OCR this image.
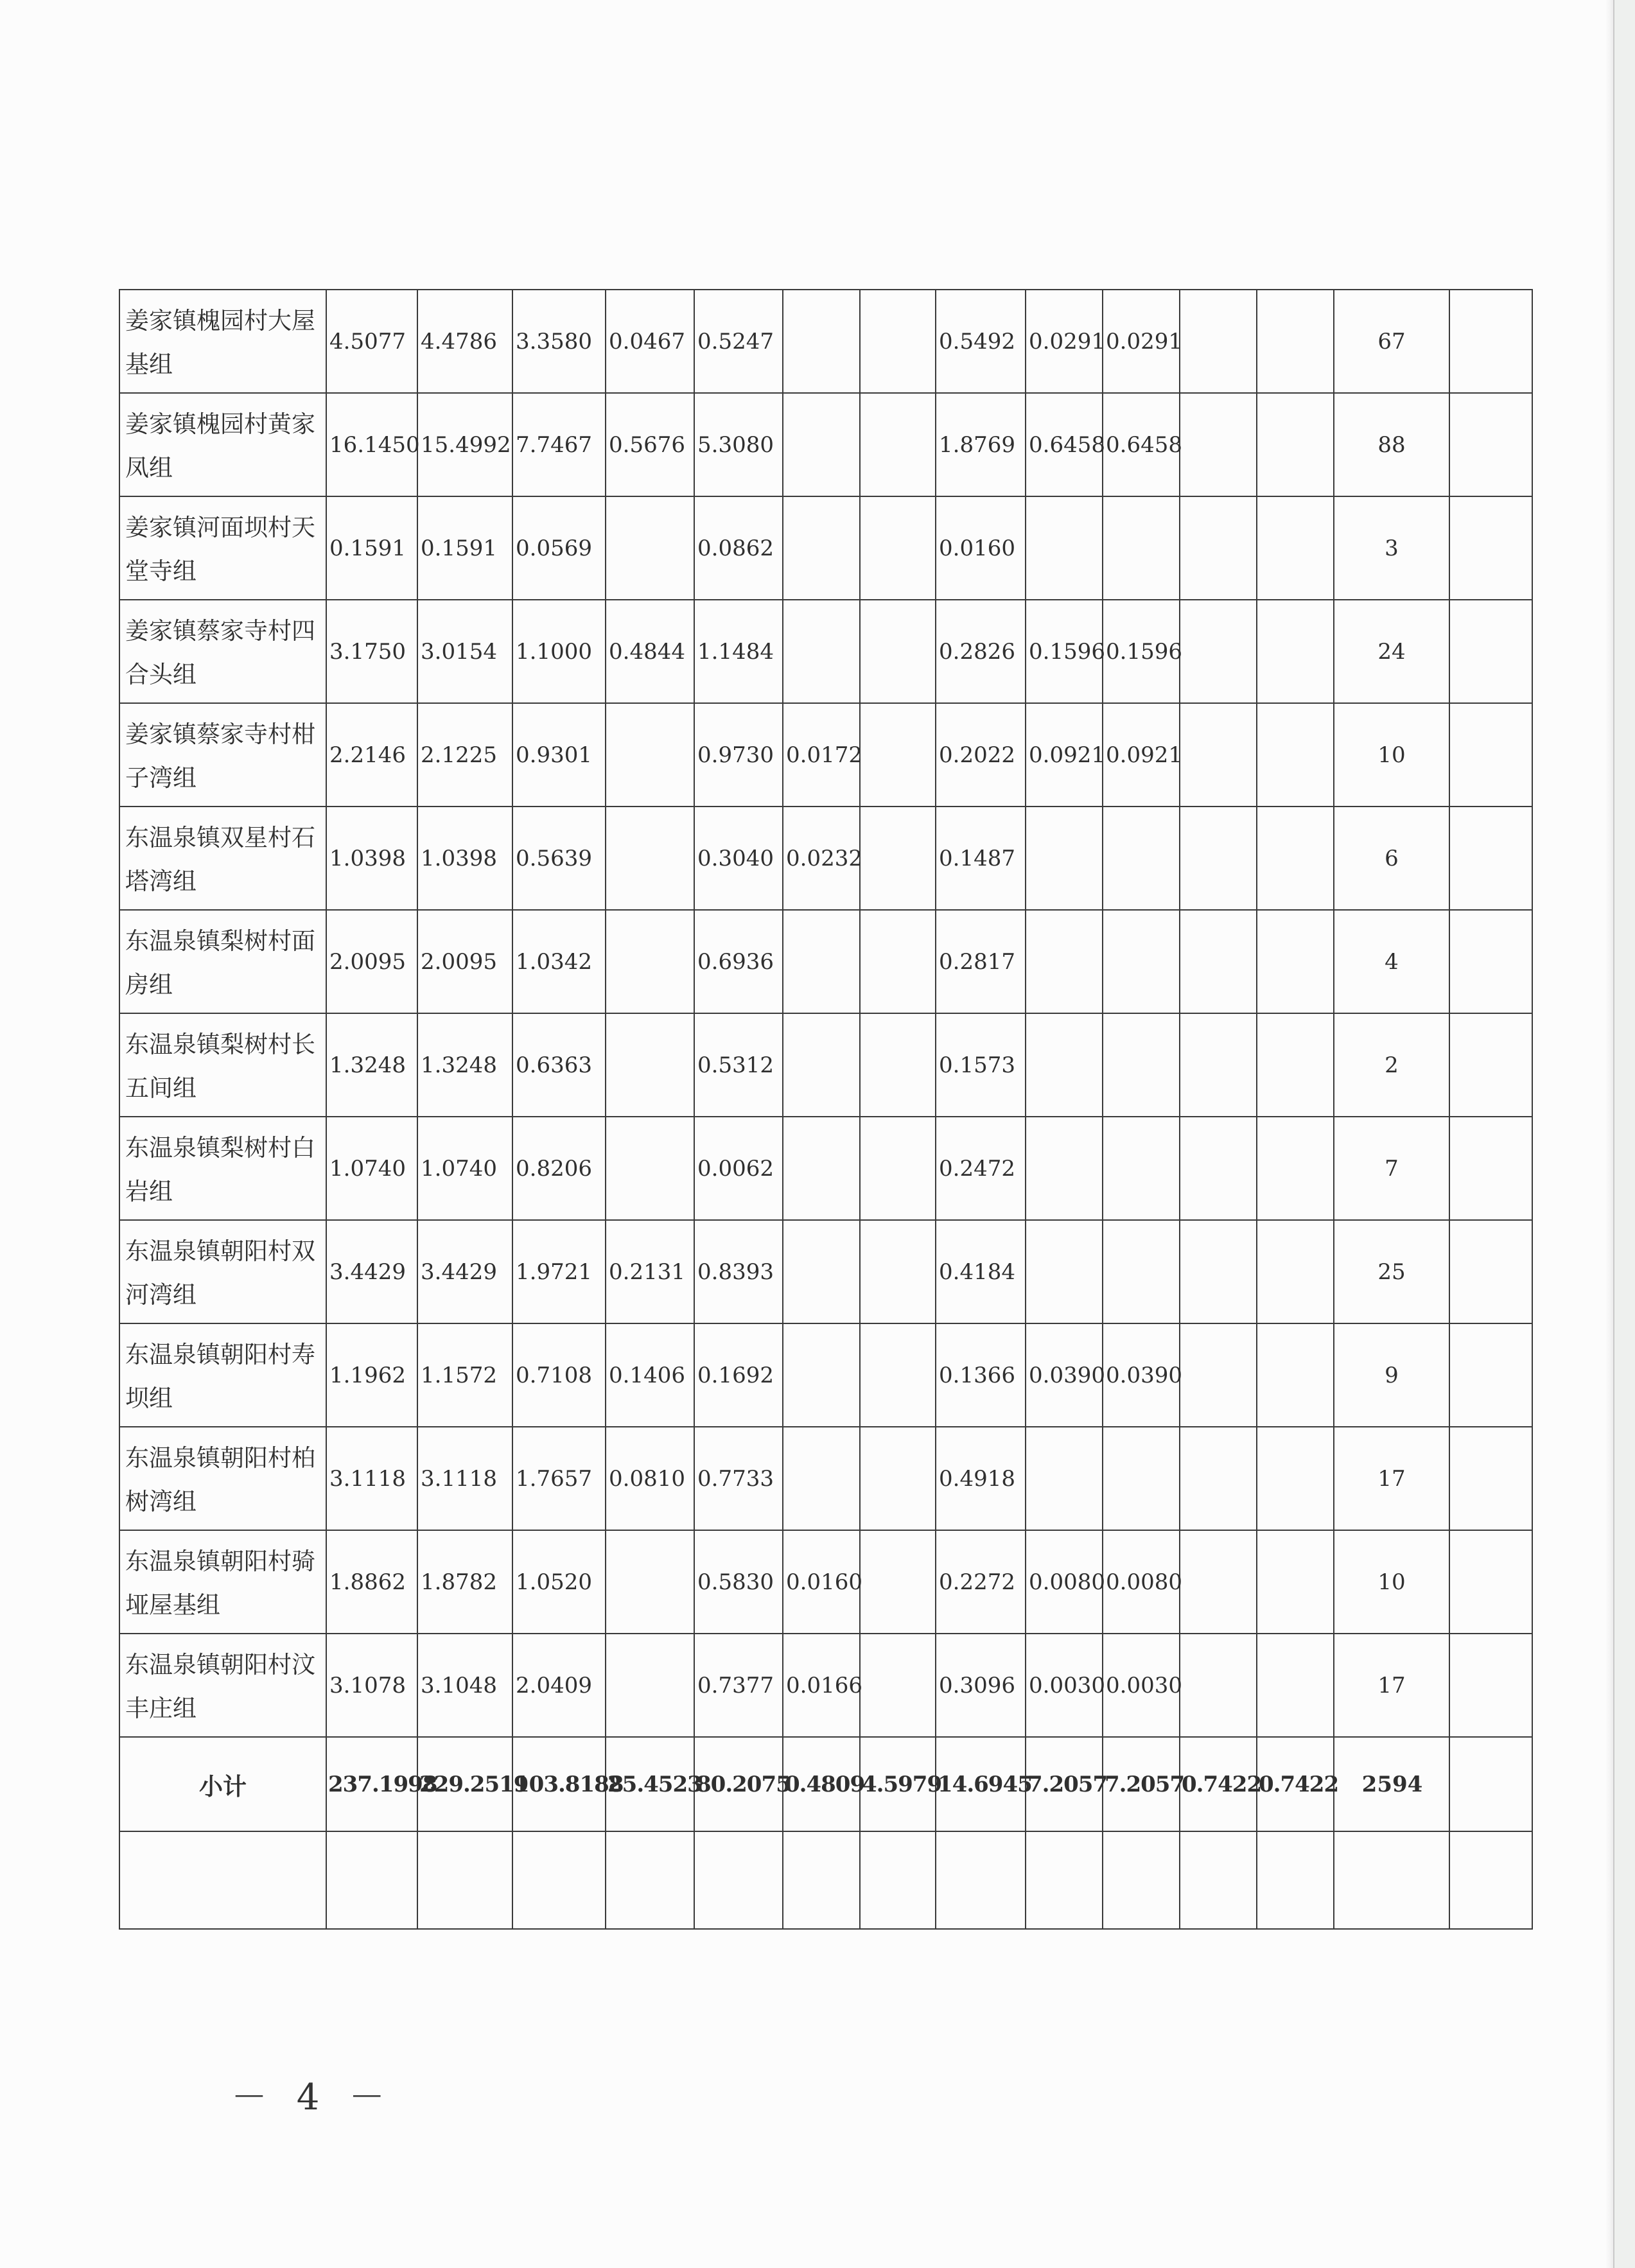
姜家镇槐园村大屋基组	4.5077	4.4786	3.3580	0.0467	0.5247			0.5492	0.0291	0.0291			67	
姜家镇槐园村黄家凤组	16.1450	15.4992	7.7467	0.5676	5.3080			1.8769	0.6458	0.6458			88	
姜家镇河面坝村天堂寺组	0.1591	0.1591	0.0569		0.0862			0.0160					3	
姜家镇蔡家寺村四合头组	3.1750	3.0154	1.1000	0.4844	1.1484			0.2826	0.1596	0.1596			24	
姜家镇蔡家寺村柑子湾组	2.2146	2.1225	0.9301		0.9730	0.0172		0.2022	0.0921	0.0921			10	
东温泉镇双星村石塔湾组	1.0398	1.0398	0.5639		0.3040	0.0232		0.1487					6	
东温泉镇梨树村面房组	2.0095	2.0095	1.0342		0.6936			0.2817					4	
东温泉镇梨树村长五间组	1.3248	1.3248	0.6363		0.5312			0.1573					2	
东温泉镇梨树村白岩组	1.0740	1.0740	0.8206		0.0062			0.2472					7	
东温泉镇朝阳村双河湾组	3.4429	3.4429	1.9721	0.2131	0.8393			0.4184					25	
东温泉镇朝阳村寿坝组	1.1962	1.1572	0.7108	0.1406	0.1692			0.1366	0.0390	0.0390			9	
东温泉镇朝阳村柏树湾组	3.1118	3.1118	1.7657	0.0810	0.7733			0.4918					17	
东温泉镇朝阳村骑垭屋基组	1.8862	1.8782	1.0520		0.5830	0.0160		0.2272	0.0080	0.0080			10	
东温泉镇朝阳村汶丰庄组	3.1078	3.1048	2.0409		0.7377	0.0166		0.3096	0.0030	0.0030			17	
小计	237.1998	229.2519	103.8188	25.4523	80.2075	0.4809	4.5979	14.6945	7.2057	7.2057	0.7422	0.7422	2594	

－ 4 －
